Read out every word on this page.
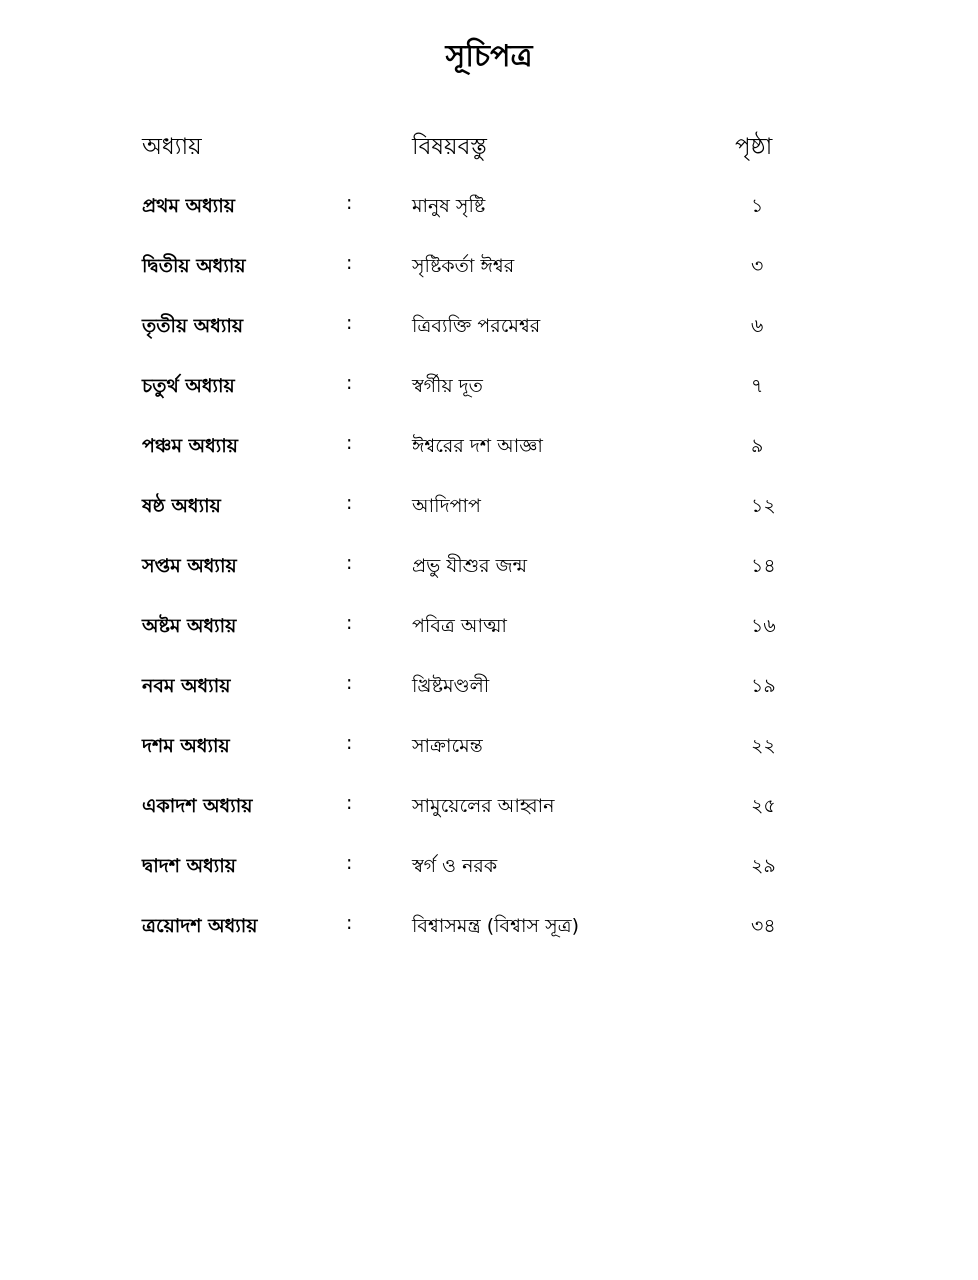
সূচিপত্র
অধ্যায়	বিষয়বস্তু	পৃষ্ঠা
প্রথম অধ্যায়	:	মানুষ সৃষ্টি	১
দ্বিতীয় অধ্যায়	:	সৃষ্টিকর্তা ঈশ্বর	৩
তৃতীয় অধ্যায়	:	ত্রিব্যক্তি পরমেশ্বর	৬
চতুর্থ অধ্যায়	:	স্বর্গীয় দূত	৭
পঞ্চম অধ্যায়	:	ঈশ্বরের দশ আজ্ঞা	৯
ষষ্ঠ অধ্যায়	:	আদিপাপ	১২
সপ্তম অধ্যায়	:	প্রভু যীশুর জন্ম	১৪
অষ্টম অধ্যায়	:	পবিত্র আত্মা	১৬
নবম অধ্যায়	:	খ্রিষ্টমণ্ডলী	১৯
দশম অধ্যায়	:	সাক্রামেন্ত	২২
একাদশ অধ্যায়	:	সামুয়েলের আহ্বান	২৫
দ্বাদশ অধ্যায়	:	স্বর্গ ও নরক	২৯
ত্রয়োদশ অধ্যায়	:	বিশ্বাসমন্ত্র (বিশ্বাস সূত্র)	৩৪
